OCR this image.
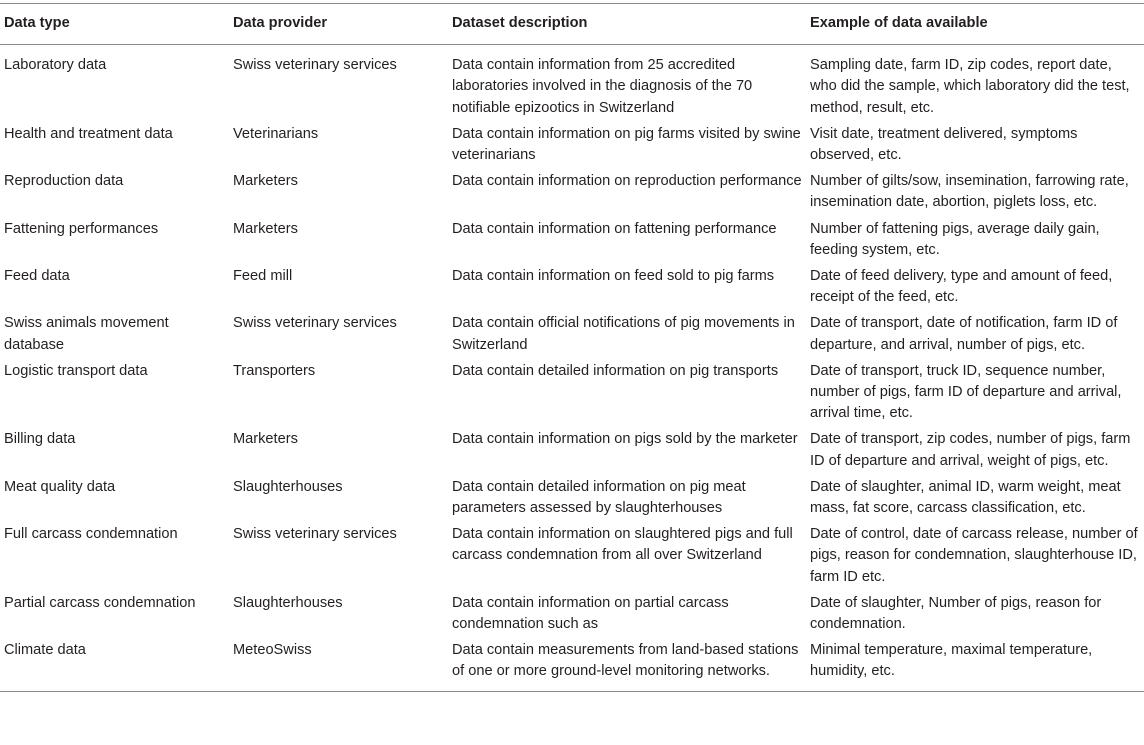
Data type	Data provider	Dataset description	Example of data available
Laboratory data	Swiss veterinary services	Data contain information from 25 accredited laboratories involved in the diagnosis of the 70 notifiable epizootics in Switzerland	Sampling date, farm ID, zip codes, report date, who did the sample, which laboratory did the test, method, result, etc.
Health and treatment data	Veterinarians	Data contain information on pig farms visited by swine veterinarians	Visit date, treatment delivered, symptoms observed, etc.
Reproduction data	Marketers	Data contain information on reproduction performance	Number of gilts/sow, insemination, farrowing rate, insemination date, abortion, piglets loss, etc.
Fattening performances	Marketers	Data contain information on fattening performance	Number of fattening pigs, average daily gain, feeding system, etc.
Feed data	Feed mill	Data contain information on feed sold to pig farms	Date of feed delivery, type and amount of feed, receipt of the feed, etc.
Swiss animals movement database	Swiss veterinary services	Data contain official notifications of pig movements in Switzerland	Date of transport, date of notification, farm ID of departure, and arrival, number of pigs, etc.
Logistic transport data	Transporters	Data contain detailed information on pig transports	Date of transport, truck ID, sequence number, number of pigs, farm ID of departure and arrival, arrival time, etc.
Billing data	Marketers	Data contain information on pigs sold by the marketer	Date of transport, zip codes, number of pigs, farm ID of departure and arrival, weight of pigs, etc.
Meat quality data	Slaughterhouses	Data contain detailed information on pig meat parameters assessed by slaughterhouses	Date of slaughter, animal ID, warm weight, meat mass, fat score, carcass classification, etc.
Full carcass condemnation	Swiss veterinary services	Data contain information on slaughtered pigs and full carcass condemnation from all over Switzerland	Date of control, date of carcass release, number of pigs, reason for condemnation, slaughterhouse ID, farm ID etc.
Partial carcass condemnation	Slaughterhouses	Data contain information on partial carcass condemnation such as	Date of slaughter, Number of pigs, reason for condemnation.
Climate data	MeteoSwiss	Data contain measurements from land-based stations of one or more ground-level monitoring networks.	Minimal temperature, maximal temperature, humidity, etc.
